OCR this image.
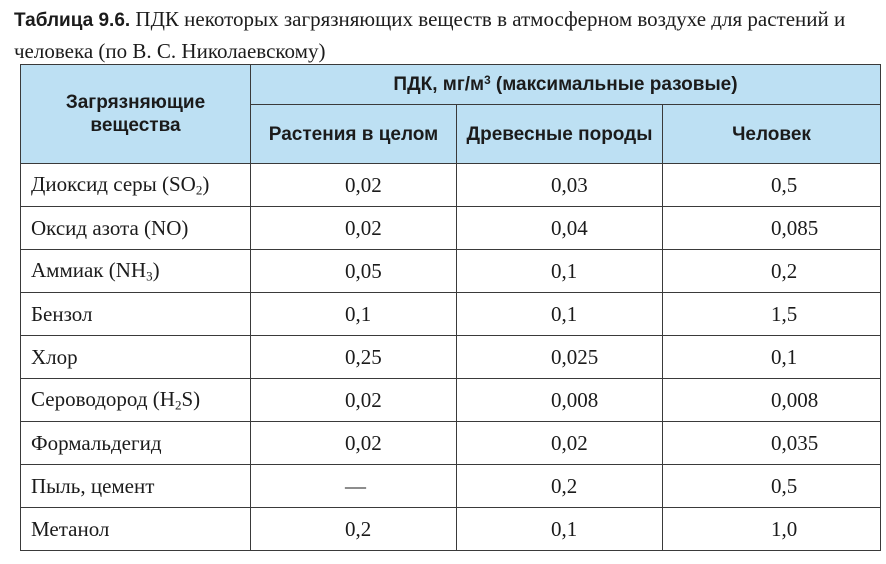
Таблица 9.6. ПДК некоторых загрязняющих веществ в атмосферном воздухе для растений и человека (по В. С. Николаевскому)
Загрязняющие вещества	ПДК, $мг/м^3$ (максимальные разовые)		
	Растения в целом	Древесные породы	Человек
Диоксид серы $(SO_2)$	0,02	0,03	0,5
Оксид азота (NO)	0,02	0,04	0,085
Аммиак $(NH_3)$	0,05	0,1	0,2
Бензол	0,1	0,1	1,5
Хлор	0,25	0,025	0,1
Сероводород $(H_2S)$	0,02	0,008	0,008
Формальдегид	0,02	0,02	0,035
Пыль, цемент	—	0,2	0,5
Метанол	0,2	0,1	1,0
